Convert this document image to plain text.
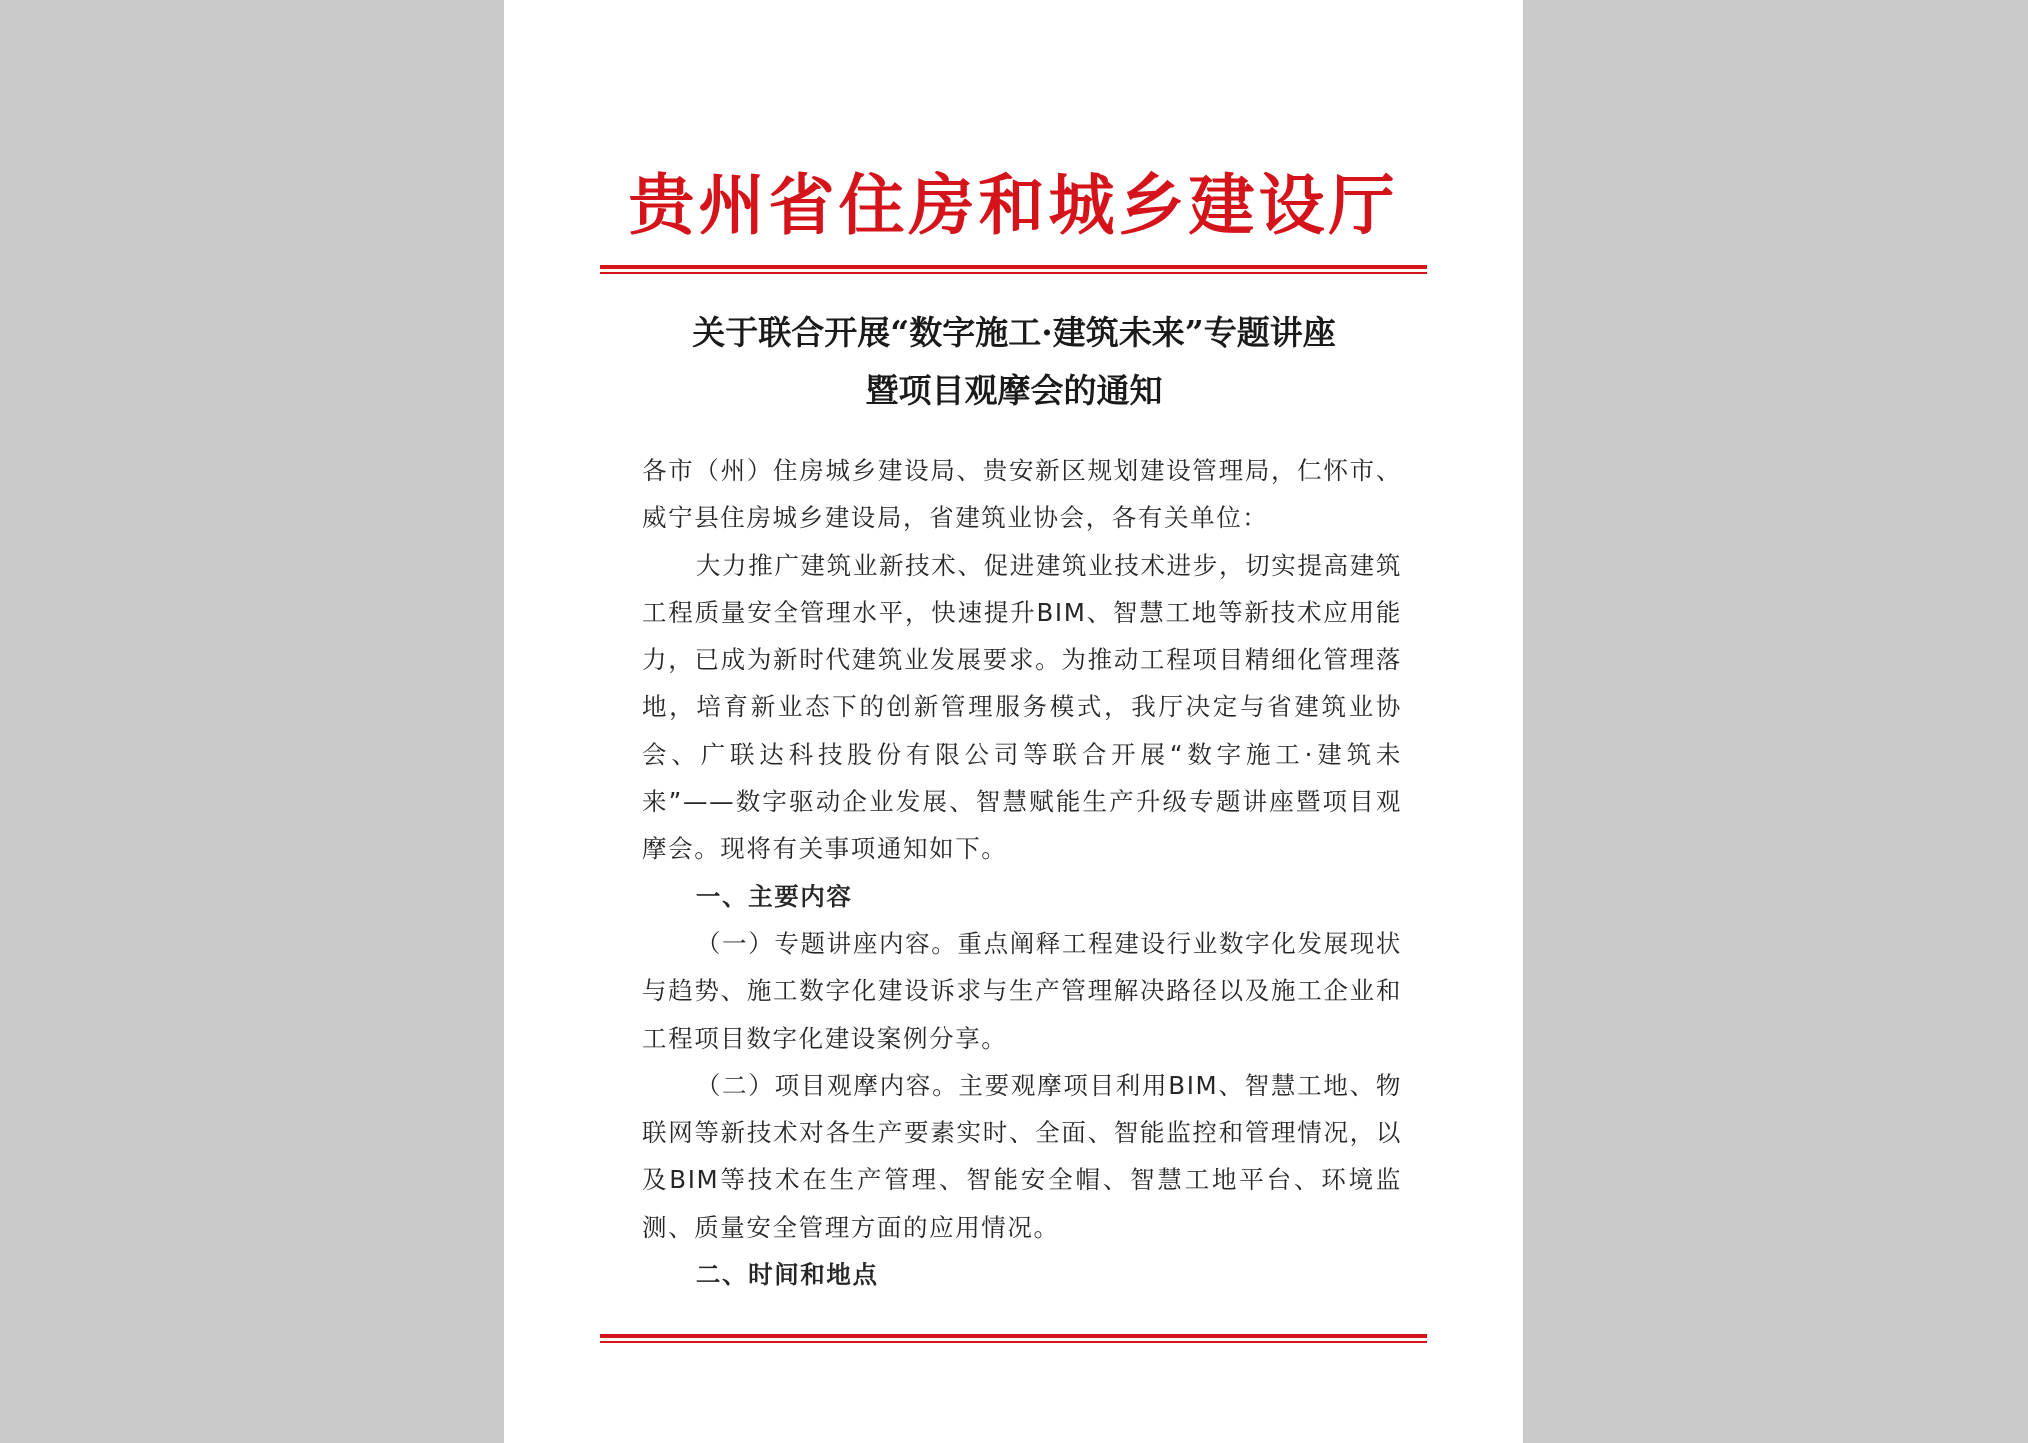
贵州省住房和城乡建设厅
关于联合开展“数字施工·建筑未来”专题讲座
暨项目观摩会的通知

各市（州）住房城乡建设局、贵安新区规划建设管理局，仁怀市、威宁县住房城乡建设局，省建筑业协会，各有关单位：

大力推广建筑业新技术、促进建筑业技术进步，切实提高建筑工程质量安全管理水平，快速提升BIM、智慧工地等新技术应用能力，已成为新时代建筑业发展要求。为推动工程项目精细化管理落地，培育新业态下的创新管理服务模式，我厅决定与省建筑业协会、广联达科技股份有限公司等联合开展“数字施工·建筑未来”——数字驱动企业发展、智慧赋能生产升级专题讲座暨项目观摩会。现将有关事项通知如下。

一、主要内容

（一）专题讲座内容。重点阐释工程建设行业数字化发展现状与趋势、施工数字化建设诉求与生产管理解决路径以及施工企业和工程项目数字化建设案例分享。

（二）项目观摩内容。主要观摩项目利用BIM、智慧工地、物联网等新技术对各生产要素实时、全面、智能监控和管理情况，以及BIM等技术在生产管理、智能安全帽、智慧工地平台、环境监测、质量安全管理方面的应用情况。

二、时间和地点
